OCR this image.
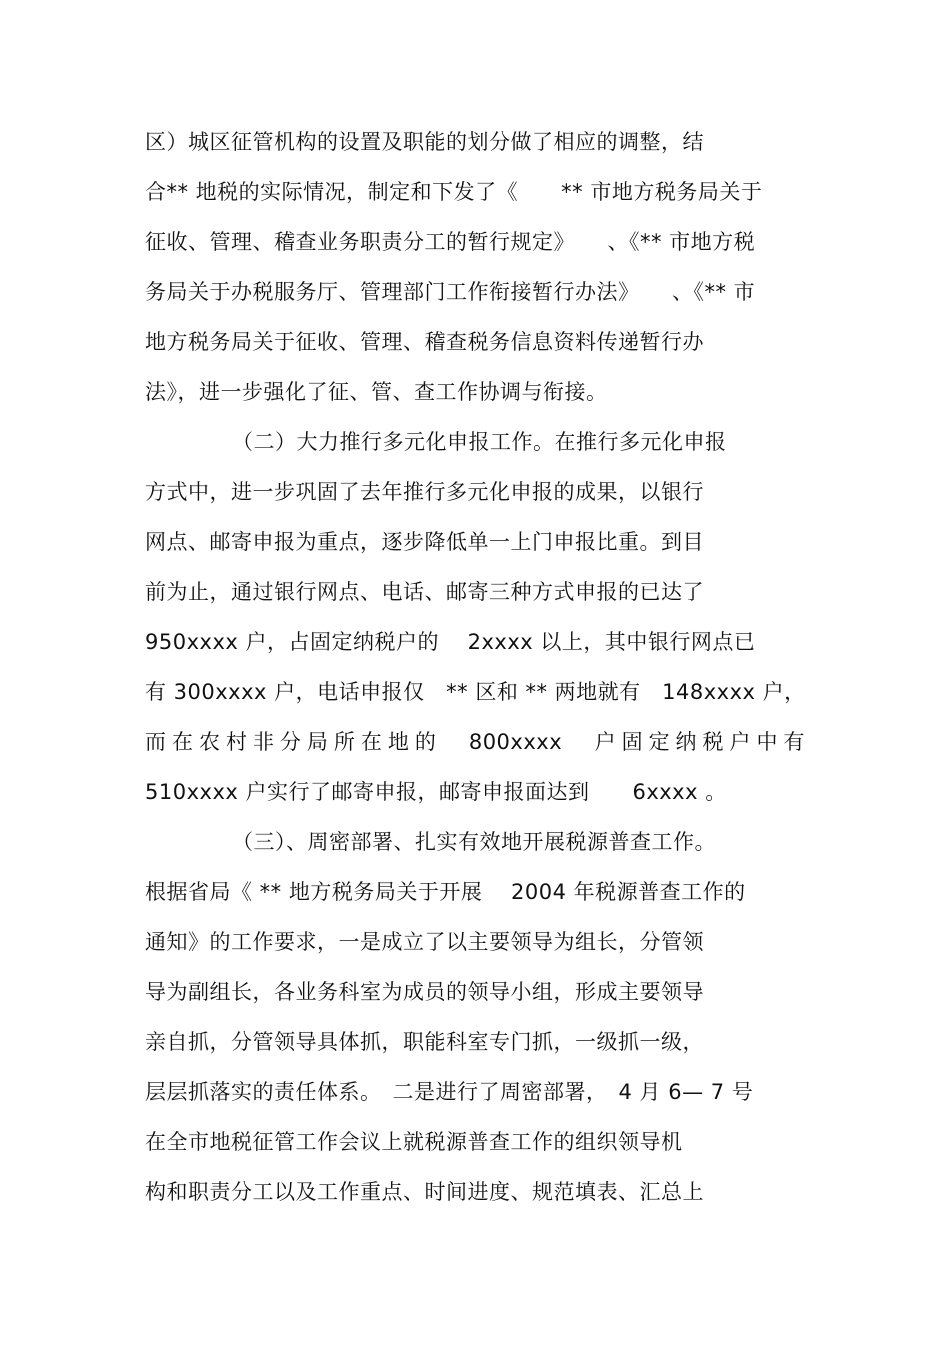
区）城区征管机构的设置及职能的划分做了相应的调整，结
合** 地税的实际情况，制定和下发了《　　** 市地方税务局关于
征收、管理、稽查业务职责分工的暂行规定》　　、《** 市地方税
务局关于办税服务厅、管理部门工作衔接暂行办法》　　、《** 市
地方税务局关于征收、管理、稽查税务信息资料传递暂行办
法》，进一步强化了征、管、查工作协调与衔接。
（二）大力推行多元化申报工作。在推行多元化申报
方式中，进一步巩固了去年推行多元化申报的成果，以银行
网点、邮寄申报为重点，逐步降低单一上门申报比重。到目
前为止，通过银行网点、电话、邮寄三种方式申报的已达了
950xxxx 户，占固定纳税户的　 2xxxx 以上，其中银行网点已
有 300xxxx 户，电话申报仅　** 区和 ** 两地就有　148xxxx 户，
而在农村非分局所在地的　800xxxx　户固定纳税户中有
510xxxx 户实行了邮寄申报，邮寄申报面达到　　6xxxx 。
（三）、周密部署、扎实有效地开展税源普查工作。
根据省局《 ** 地方税务局关于开展　 2004 年税源普查工作的
通知》的工作要求，一是成立了以主要领导为组长，分管领
导为副组长，各业务科室为成员的领导小组，形成主要领导
亲自抓，分管领导具体抓，职能科室专门抓，一级抓一级，
层层抓落实的责任体系。　二是进行了周密部署，　4 月 6— 7 号
在全市地税征管工作会议上就税源普查工作的组织领导机
构和职责分工以及工作重点、时间进度、规范填表、汇总上
